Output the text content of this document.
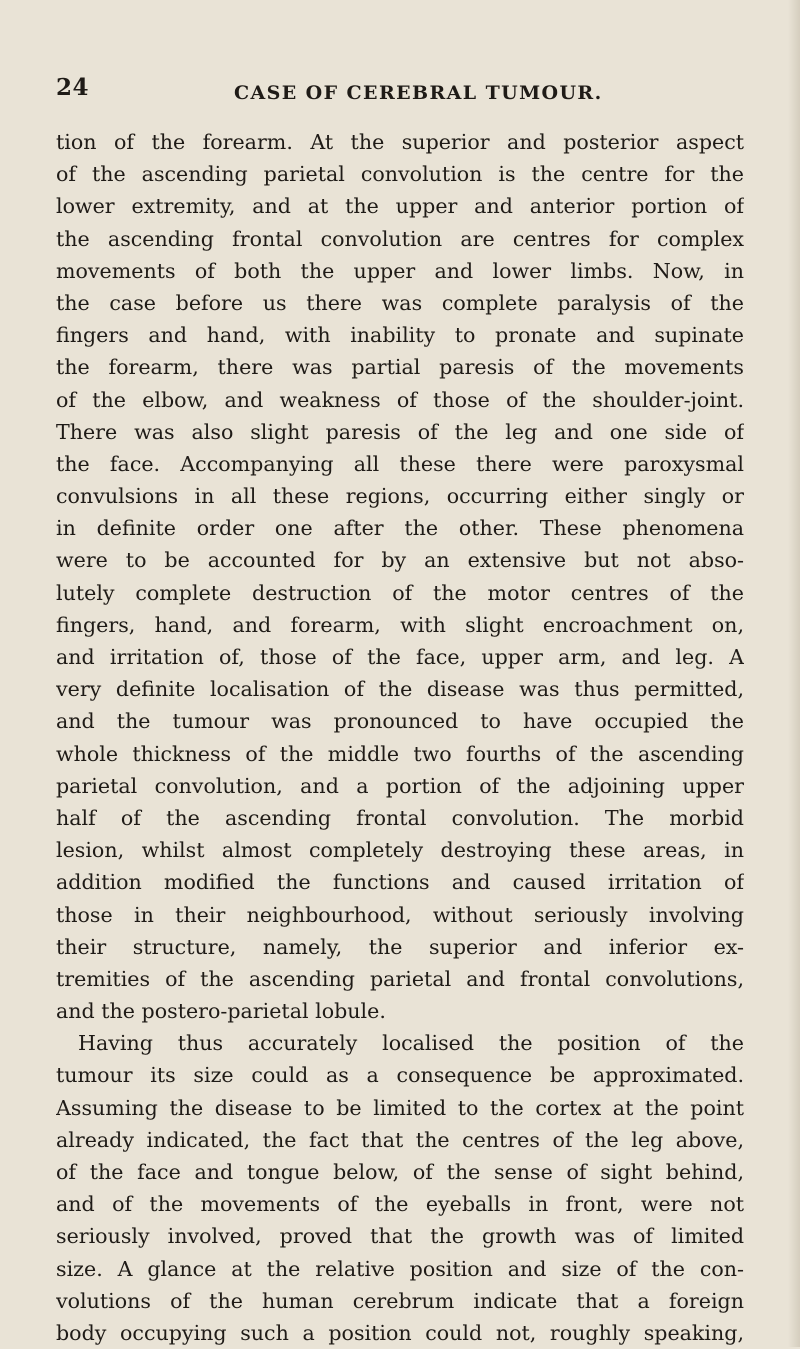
24	CASE OF CEREBRAL TUMOUR.
tion of the forearm. At the superior and posterior aspect
of the ascending parietal convolution is the centre for the
lower extremity, and at the upper and anterior portion of
the ascending frontal convolution are centres for complex
movements of both the upper and lower limbs. Now, in
the case before us there was complete paralysis of the
fingers and hand, with inability to pronate and supinate
the forearm, there was partial paresis of the movements
of the elbow, and weakness of those of the shoulder-joint.
There was also slight paresis of the leg and one side of
the face. Accompanying all these there were paroxysmal
convulsions in all these regions, occurring either singly or
in definite order one after the other. These phenomena
were to be accounted for by an extensive but not abso-
lutely complete destruction of the motor centres of the
fingers, hand, and forearm, with slight encroachment on,
and irritation of, those of the face, upper arm, and leg. A
very definite localisation of the disease was thus permitted,
and the tumour was pronounced to have occupied the
whole thickness of the middle two fourths of the ascending
parietal convolution, and a portion of the adjoining upper
half of the ascending frontal convolution. The morbid
lesion, whilst almost completely destroying these areas, in
addition modified the functions and caused irritation of
those in their neighbourhood, without seriously involving
their structure, namely, the superior and inferior ex-
tremities of the ascending parietal and frontal convolutions,
and the postero-parietal lobule.
Having thus accurately localised the position of the
tumour its size could as a consequence be approximated.
Assuming the disease to be limited to the cortex at the point
already indicated, the fact that the centres of the leg above,
of the face and tongue below, of the sense of sight behind,
and of the movements of the eyeballs in front, were not
seriously involved, proved that the growth was of limited
size. A glance at the relative position and size of the con-
volutions of the human cerebrum indicate that a foreign
body occupying such a position could not, roughly speaking,
